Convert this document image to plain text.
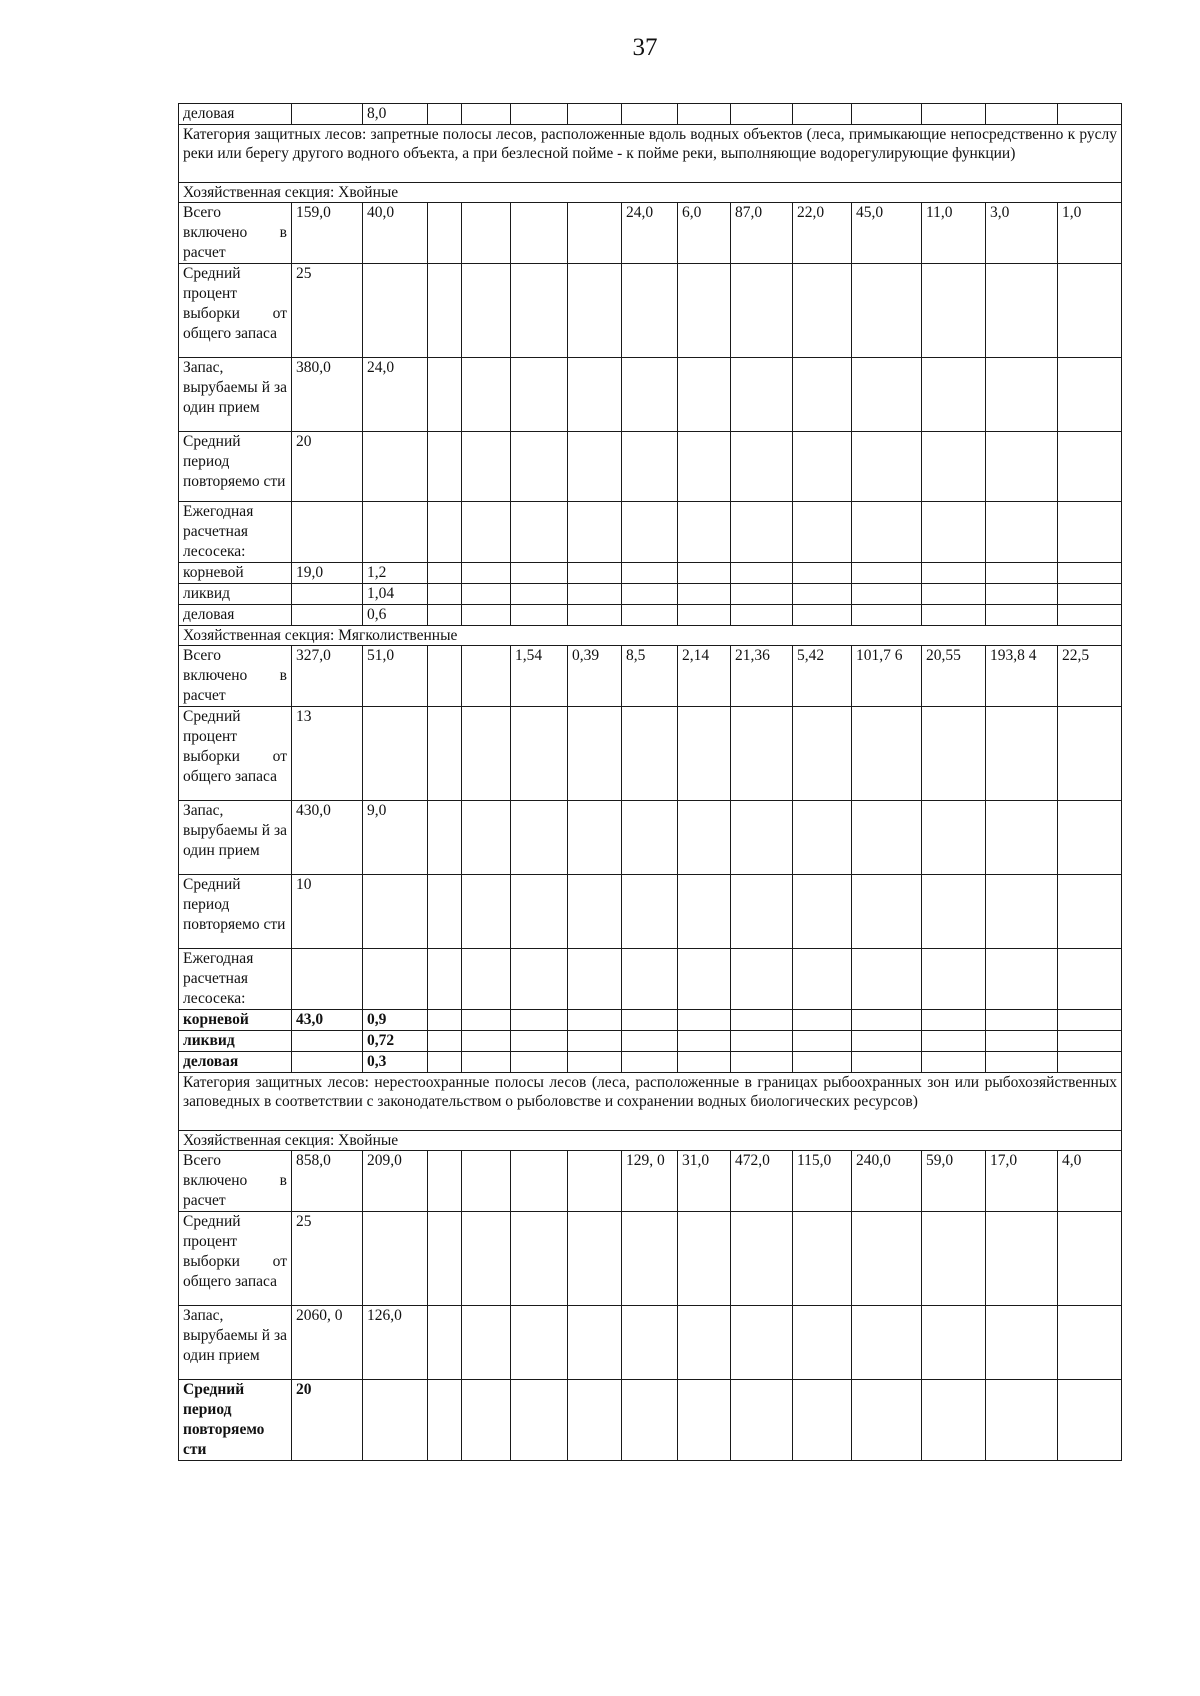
37
деловая		8,0													
Категория защитных лесов: запретные полосы лесов, расположенные вдоль водных объектов (леса, примыкающие непосредственно к руслу реки или берегу другого водного объекта, а при безлесной пойме - к пойме реки, выполняющие водорегулирующие функции)															
Хозяйственная секция: Хвойные															
Всего включено в расчет	159,0	40,0					24,0	6,0	87,0	22,0	45,0	11,0	3,0	1,0	
Средний процент выборки от общего запаса	25														
Запас, вырубаемы й за один прием	380,0	24,0													
Средний период повторяемо сти	20														
Ежегодная расчетная лесосека:															
корневой	19,0	1,2													
ликвид		1,04													
деловая		0,6													
Хозяйственная секция: Мягколиственные															
Всего включено в расчет	327,0	51,0			1,54	0,39	8,5	2,14	21,36	5,42	101,7 6	20,55	193,8 4	22,5	
Средний процент выборки от общего запаса	13														
Запас, вырубаемы й за один прием	430,0	9,0													
Средний период повторяемо сти	10														
Ежегодная расчетная лесосека:															
корневой	43,0	0,9													
ликвид		0,72													
деловая		0,3													
Категория защитных лесов: нерестоохранные полосы лесов (леса, расположенные в границах рыбоохранных зон или рыбохозяйственных заповедных в соответствии с законодательством о рыболовстве и сохранении водных биологических ресурсов)															
Хозяйственная секция: Хвойные															
Всего включено в расчет	858,0	209,0					129, 0	31,0	472,0	115,0	240,0	59,0	17,0	4,0	
Средний процент выборки от общего запаса	25														
Запас, вырубаемы й за один прием	2060, 0	126,0													
Средний период повторяемо сти	20														
